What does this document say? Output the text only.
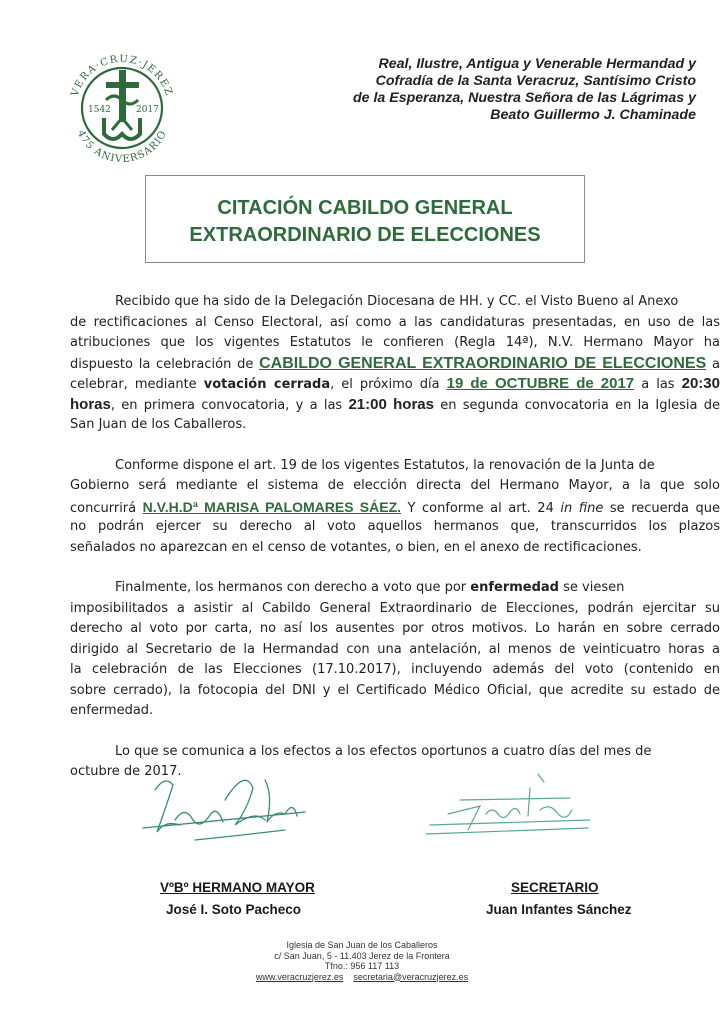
VERA·CRUZ·JEREZ
475 ANIVERSARIO
1542	2017
Real, Ilustre, Antigua y Venerable Hermandad y
Cofradía de la Santa Veracruz, Santísimo Cristo
de la Esperanza, Nuestra Señora de las Lágrimas y
Beato Guillermo J. Chaminade
CITACIÓN CABILDO GENERAL
EXTRAORDINARIO DE ELECCIONES
Recibido que ha sido de la Delegación Diocesana de HH. y CC. el Visto Bueno al Anexo
de rectificaciones al Censo Electoral, así como a las candidaturas presentadas, en uso de las
atribuciones que los vigentes Estatutos le confieren (Regla 14ª), N.V. Hermano Mayor ha
dispuesto la celebración de CABILDO GENERAL EXTRAORDINARIO DE ELECCIONES a
celebrar, mediante votación cerrada, el próximo día 19 de OCTUBRE de 2017 a las 20:30
horas, en primera convocatoria, y a las 21:00 horas en segunda convocatoria en la Iglesia de
San Juan de los Caballeros.
Conforme dispone el art. 19 de los vigentes Estatutos, la renovación de la Junta de
Gobierno será mediante el sistema de elección directa del Hermano Mayor, a la que solo
concurrirá N.V.H.Dª MARISA PALOMARES SÁEZ. Y conforme al art. 24 in fine se recuerda que
no podrán ejercer su derecho al voto aquellos hermanos que, transcurridos los plazos
señalados no aparezcan en el censo de votantes, o bien, en el anexo de rectificaciones.
Finalmente, los hermanos con derecho a voto que por enfermedad se viesen
imposibilitados a asistir al Cabildo General Extraordinario de Elecciones, podrán ejercitar su
derecho al voto por carta, no así los ausentes por otros motivos. Lo harán en sobre cerrado
dirigido al Secretario de la Hermandad con una antelación, al menos de veinticuatro horas a
la celebración de las Elecciones (17.10.2017), incluyendo además del voto (contenido en
sobre cerrado), la fotocopia del DNI y el Certificado Médico Oficial, que acredite su estado de
enfermedad.
Lo que se comunica a los efectos a los efectos oportunos a cuatro días del mes de
octubre de 2017.
VºBº HERMANO MAYOR
José I. Soto Pacheco
SECRETARIO
Juan Infantes Sánchez
Iglesia de San Juan de los Caballeros
c/ San Juan, 5 - 11.403 Jerez de la Frontera
Tfno.: 956 117 113
www.veracruzjerez.es secretaria@veracruzjerez.es
